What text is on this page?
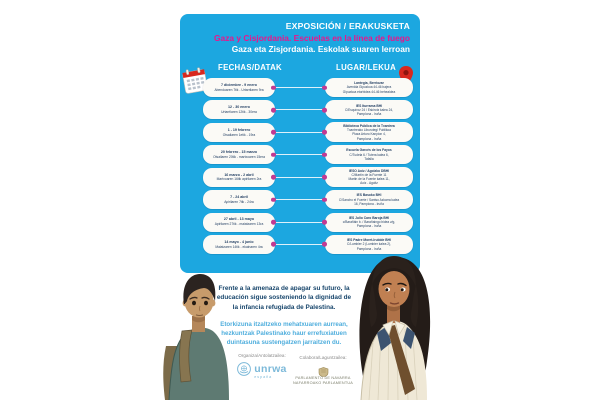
EXPOSICIÓN / ERAKUSKETA
Gaza y Cisjordania. Escuelas en la línea de fuego
Gaza eta Zisjordania. Eskolak suaren lerroan
FECHAS/DATAK	LUGAR/LEKUA
7 diciembre - 9 enero
Abenduaren 7tik - Urtarrilaren 9ra
Lantegia, Berriozar
Avenida Gipuzkoa 44-46 bajera
Gipuzkoa etorbidea 44-46 behealdea
12 - 30 enero
Urtarrilaren 12tik - 30era
IES Iturrama BHI
C/Esquíroz 24 / Eskirotz kalea 24,
Pamplona - Iruña
1 - 19 febrero
Otsailaren 1etik - 19ra
Biblioteca Pública de la Txantrea
Txantreako Liburutegi Publikoa
Plaza Arturo Kanpion 4,
Pamplona - Iruña
20 febrero - 15 marzo
Otsailaren 20tik - martxoaren 15era
Escuela Garcés de los Fayos
C/Tudela 6 / Tutera kalea 6,
Tafalla
16 marzo - 2 abril
Martxoaren 16tik apirilaren 2ra
IESO Aoiz / Agoizko DBHI
C/Martín de la Fuente 11
Martin de la Fuente kalea 11,
Aoiz - Agoitz
7 - 24 abril
Apirilaren 7tik - 24ra
IES Basoko BHI
C/Sancho el Fuerte / Santso Azkarra kalea
16, Pamplona - Iruña
27 abril - 13 mayo
Apirilaren 27tik - maiatzaren 13ra
IES Julio Caro Baroja BHI
c/Barañáin b. / Barañaingo bidea z/g,
Pamplona - Iruña
14 mayo - 4 junio
Maiatzaren 14tik - ekainaren 4ra
IES Padre Moret-Irubide BHI
C/Lumbier 2 (Lumbier kalea 2),
Pamplona - Iruña

Frente a la amenaza de apagar su futuro, la educación sigue sosteniendo la dignidad de la infancia refugiada de Palestina.

Etorkizuna itzaltzeko mehatxuaren aurrean, hezkuntzak Palestinako haur errefuxiatuen duintasuna sustengatzen jarraitzen du.

Organiza/Antolatzailea:
unrwa
españa
Colabora/Laguntzailea:
PARLAMENTO DE NAVARRA
NAFARROAKO PARLAMENTUA
